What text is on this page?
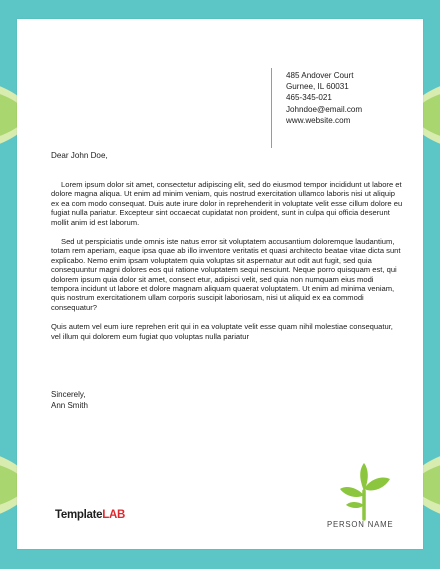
485 Andover Court
Gurnee, IL 60031
465-345-021
Johndoe@email.com
www.website.com
Dear John Doe,

Lorem ipsum dolor sit amet, consectetur adipiscing elit, sed do eiusmod tempor incididunt ut labore et dolore magna aliqua. Ut enim ad minim veniam, quis nostrud exercitation ullamco laboris nisi ut aliquip ex ea com modo consequat. Duis aute irure dolor in reprehenderit in voluptate velit esse cillum dolore eu fugiat nulla pariatur. Excepteur sint occaecat cupidatat non proident, sunt in culpa qui officia deserunt mollit anim id est laborum.

Sed ut perspiciatis unde omnis iste natus error sit voluptatem accusantium doloremque laudantium, totam rem aperiam, eaque ipsa quae ab illo inventore veritatis et quasi architecto beatae vitae dicta sunt explicabo. Nemo enim ipsam voluptatem quia voluptas sit aspernatur aut odit aut fugit, sed quia consequuntur magni dolores eos qui ratione voluptatem sequi nesciunt. Neque porro quisquam est, qui dolorem ipsum quia dolor sit amet, consect etur, adipisci velit, sed quia non numquam eius modi tempora incidunt ut labore et dolore magnam aliquam quaerat voluptatem. Ut enim ad minima veniam, quis nostrum exercitationem ullam corporis suscipit laboriosam, nisi ut aliquid ex ea commodi consequatur?

Quis autem vel eum iure reprehen erit qui in ea voluptate velit esse quam nihil molestiae consequatur, vel illum qui dolorem eum fugiat quo voluptas nulla pariatur

Sincerely,
Ann Smith
TemplateLAB
PERSON NAME
